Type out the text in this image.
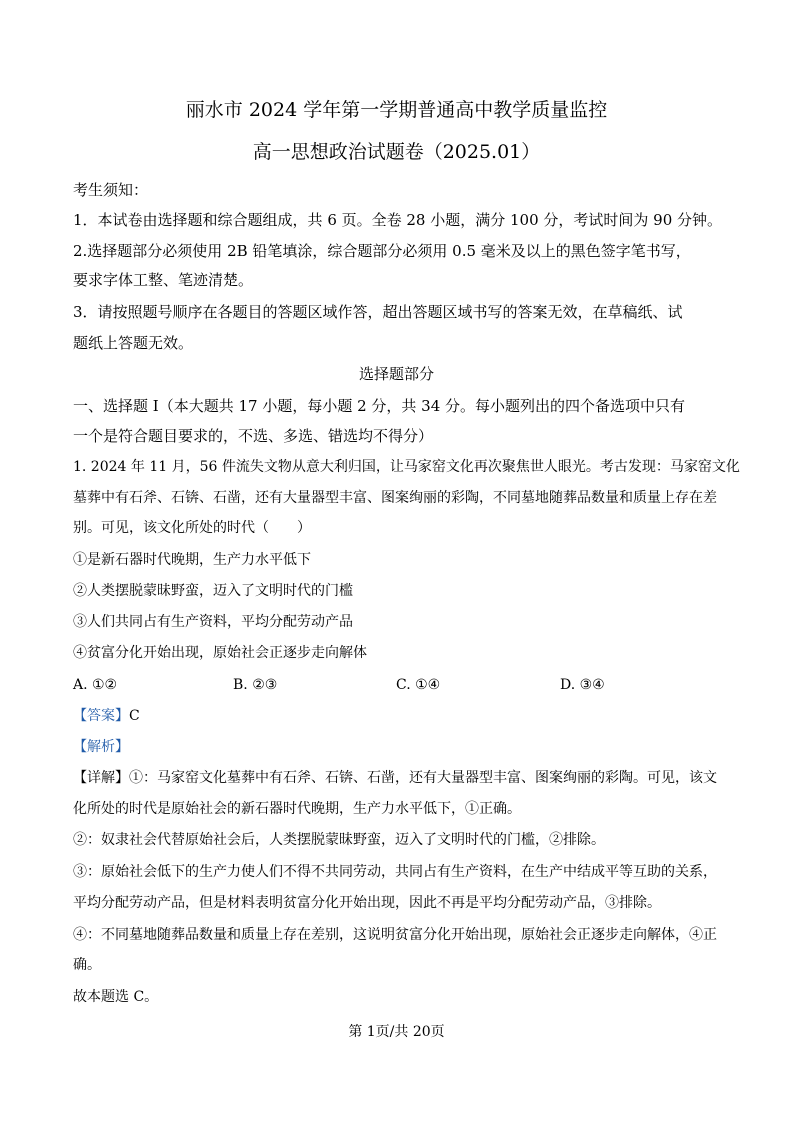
丽水市 2024 学年第一学期普通高中教学质量监控
高一思想政治试题卷（2025.01）
考生须知：
1．本试卷由选择题和综合题组成，共 6 页。全卷 28 小题，满分 100 分，考试时间为 90 分钟。
2.选择题部分必须使用 2B 铅笔填涂，综合题部分必须用 0.5 毫米及以上的黑色签字笔书写，
要求字体工整、笔迹清楚。
3．请按照题号顺序在各题目的答题区域作答，超出答题区域书写的答案无效，在草稿纸、试
题纸上答题无效。
选择题部分
一、选择题 I（本大题共 17 小题，每小题 2 分，共 34 分。每小题列出的四个备选项中只有
一个是符合题目要求的，不选、多选、错选均不得分）
1. 2024 年 11 月，56 件流失文物从意大利归国，让马家窑文化再次聚焦世人眼光。考古发现：马家窑文化
墓葬中有石斧、石锛、石凿，还有大量器型丰富、图案绚丽的彩陶，不同墓地随葬品数量和质量上存在差
别。可见，该文化所处的时代（　　）
①是新石器时代晚期，生产力水平低下
②人类摆脱蒙昧野蛮，迈入了文明时代的门槛
③人们共同占有生产资料，平均分配劳动产品
④贫富分化开始出现，原始社会正逐步走向解体
A. ①②	B. ②③	C. ①④	D. ③④
【答案】C
【解析】
【详解】①：马家窑文化墓葬中有石斧、石锛、石凿，还有大量器型丰富、图案绚丽的彩陶。可见，该文
化所处的时代是原始社会的新石器时代晚期，生产力水平低下，①正确。
②：奴隶社会代替原始社会后，人类摆脱蒙昧野蛮，迈入了文明时代的门槛，②排除。
③：原始社会低下的生产力使人们不得不共同劳动，共同占有生产资料，在生产中结成平等互助的关系，
平均分配劳动产品，但是材料表明贫富分化开始出现，因此不再是平均分配劳动产品，③排除。
④：不同墓地随葬品数量和质量上存在差别，这说明贫富分化开始出现，原始社会正逐步走向解体，④正
确。
故本题选 C。
第 1页/共 20页
